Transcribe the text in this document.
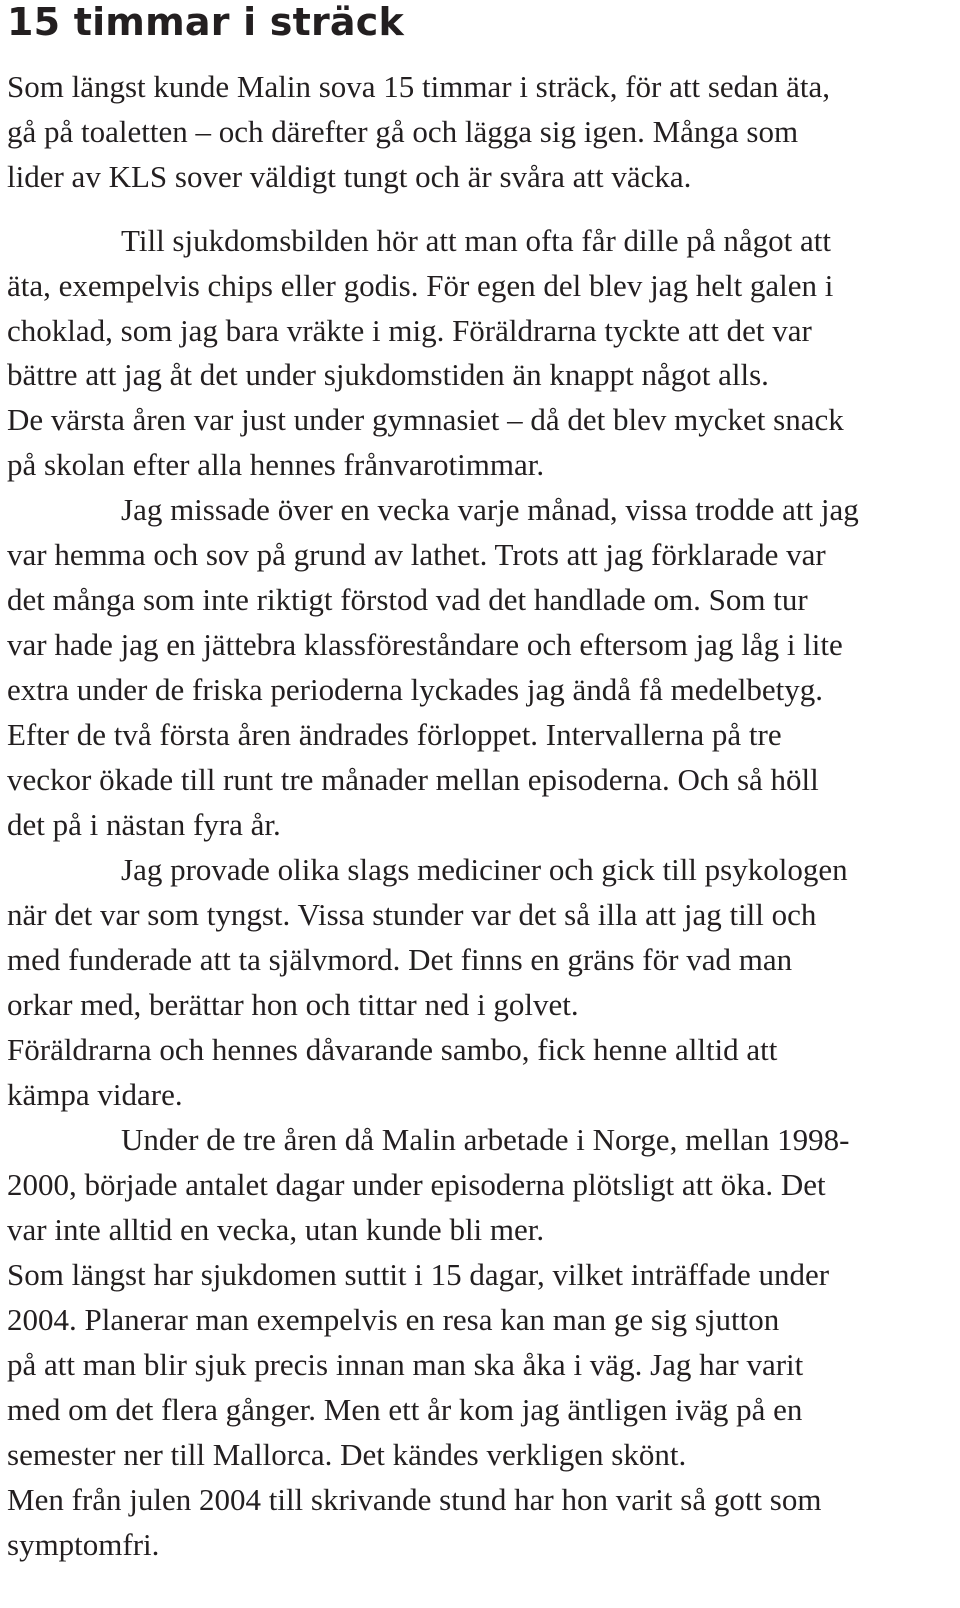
15 timmar i sträck

Som längst kunde Malin sova 15 timmar i sträck, för att sedan äta,

gå på toaletten – och därefter gå och lägga sig igen. Många som

lider av KLS sover väldigt tungt och är svåra att väcka.

Till sjukdomsbilden hör att man ofta får dille på något att

äta, exempelvis chips eller godis. För egen del blev jag helt galen i

choklad, som jag bara vräkte i mig. Föräldrarna tyckte att det var

bättre att jag åt det under sjukdomstiden än knappt något alls.

De värsta åren var just under gymnasiet – då det blev mycket snack

på skolan efter alla hennes frånvarotimmar.

Jag missade över en vecka varje månad, vissa trodde att jag

var hemma och sov på grund av lathet. Trots att jag förklarade var

det många som inte riktigt förstod vad det handlade om. Som tur

var hade jag en jättebra klassföreståndare och eftersom jag låg i lite

extra under de friska perioderna lyckades jag ändå få medelbetyg.

Efter de två första åren ändrades förloppet. Intervallerna på tre

veckor ökade till runt tre månader mellan episoderna. Och så höll

det på i nästan fyra år.

Jag provade olika slags mediciner och gick till psykologen

när det var som tyngst. Vissa stunder var det så illa att jag till och

med funderade att ta självmord. Det finns en gräns för vad man

orkar med, berättar hon och tittar ned i golvet.

Föräldrarna och hennes dåvarande sambo, fick henne alltid att

kämpa vidare.

Under de tre åren då Malin arbetade i Norge, mellan 1998-

2000, började antalet dagar under episoderna plötsligt att öka. Det

var inte alltid en vecka, utan kunde bli mer.

Som längst har sjukdomen suttit i 15 dagar, vilket inträffade under

2004. Planerar man exempelvis en resa kan man ge sig sjutton

på att man blir sjuk precis innan man ska åka i väg. Jag har varit

med om det flera gånger. Men ett år kom jag äntligen iväg på en

semester ner till Mallorca. Det kändes verkligen skönt.

Men från julen 2004 till skrivande stund har hon varit så gott som

symptomfri.
